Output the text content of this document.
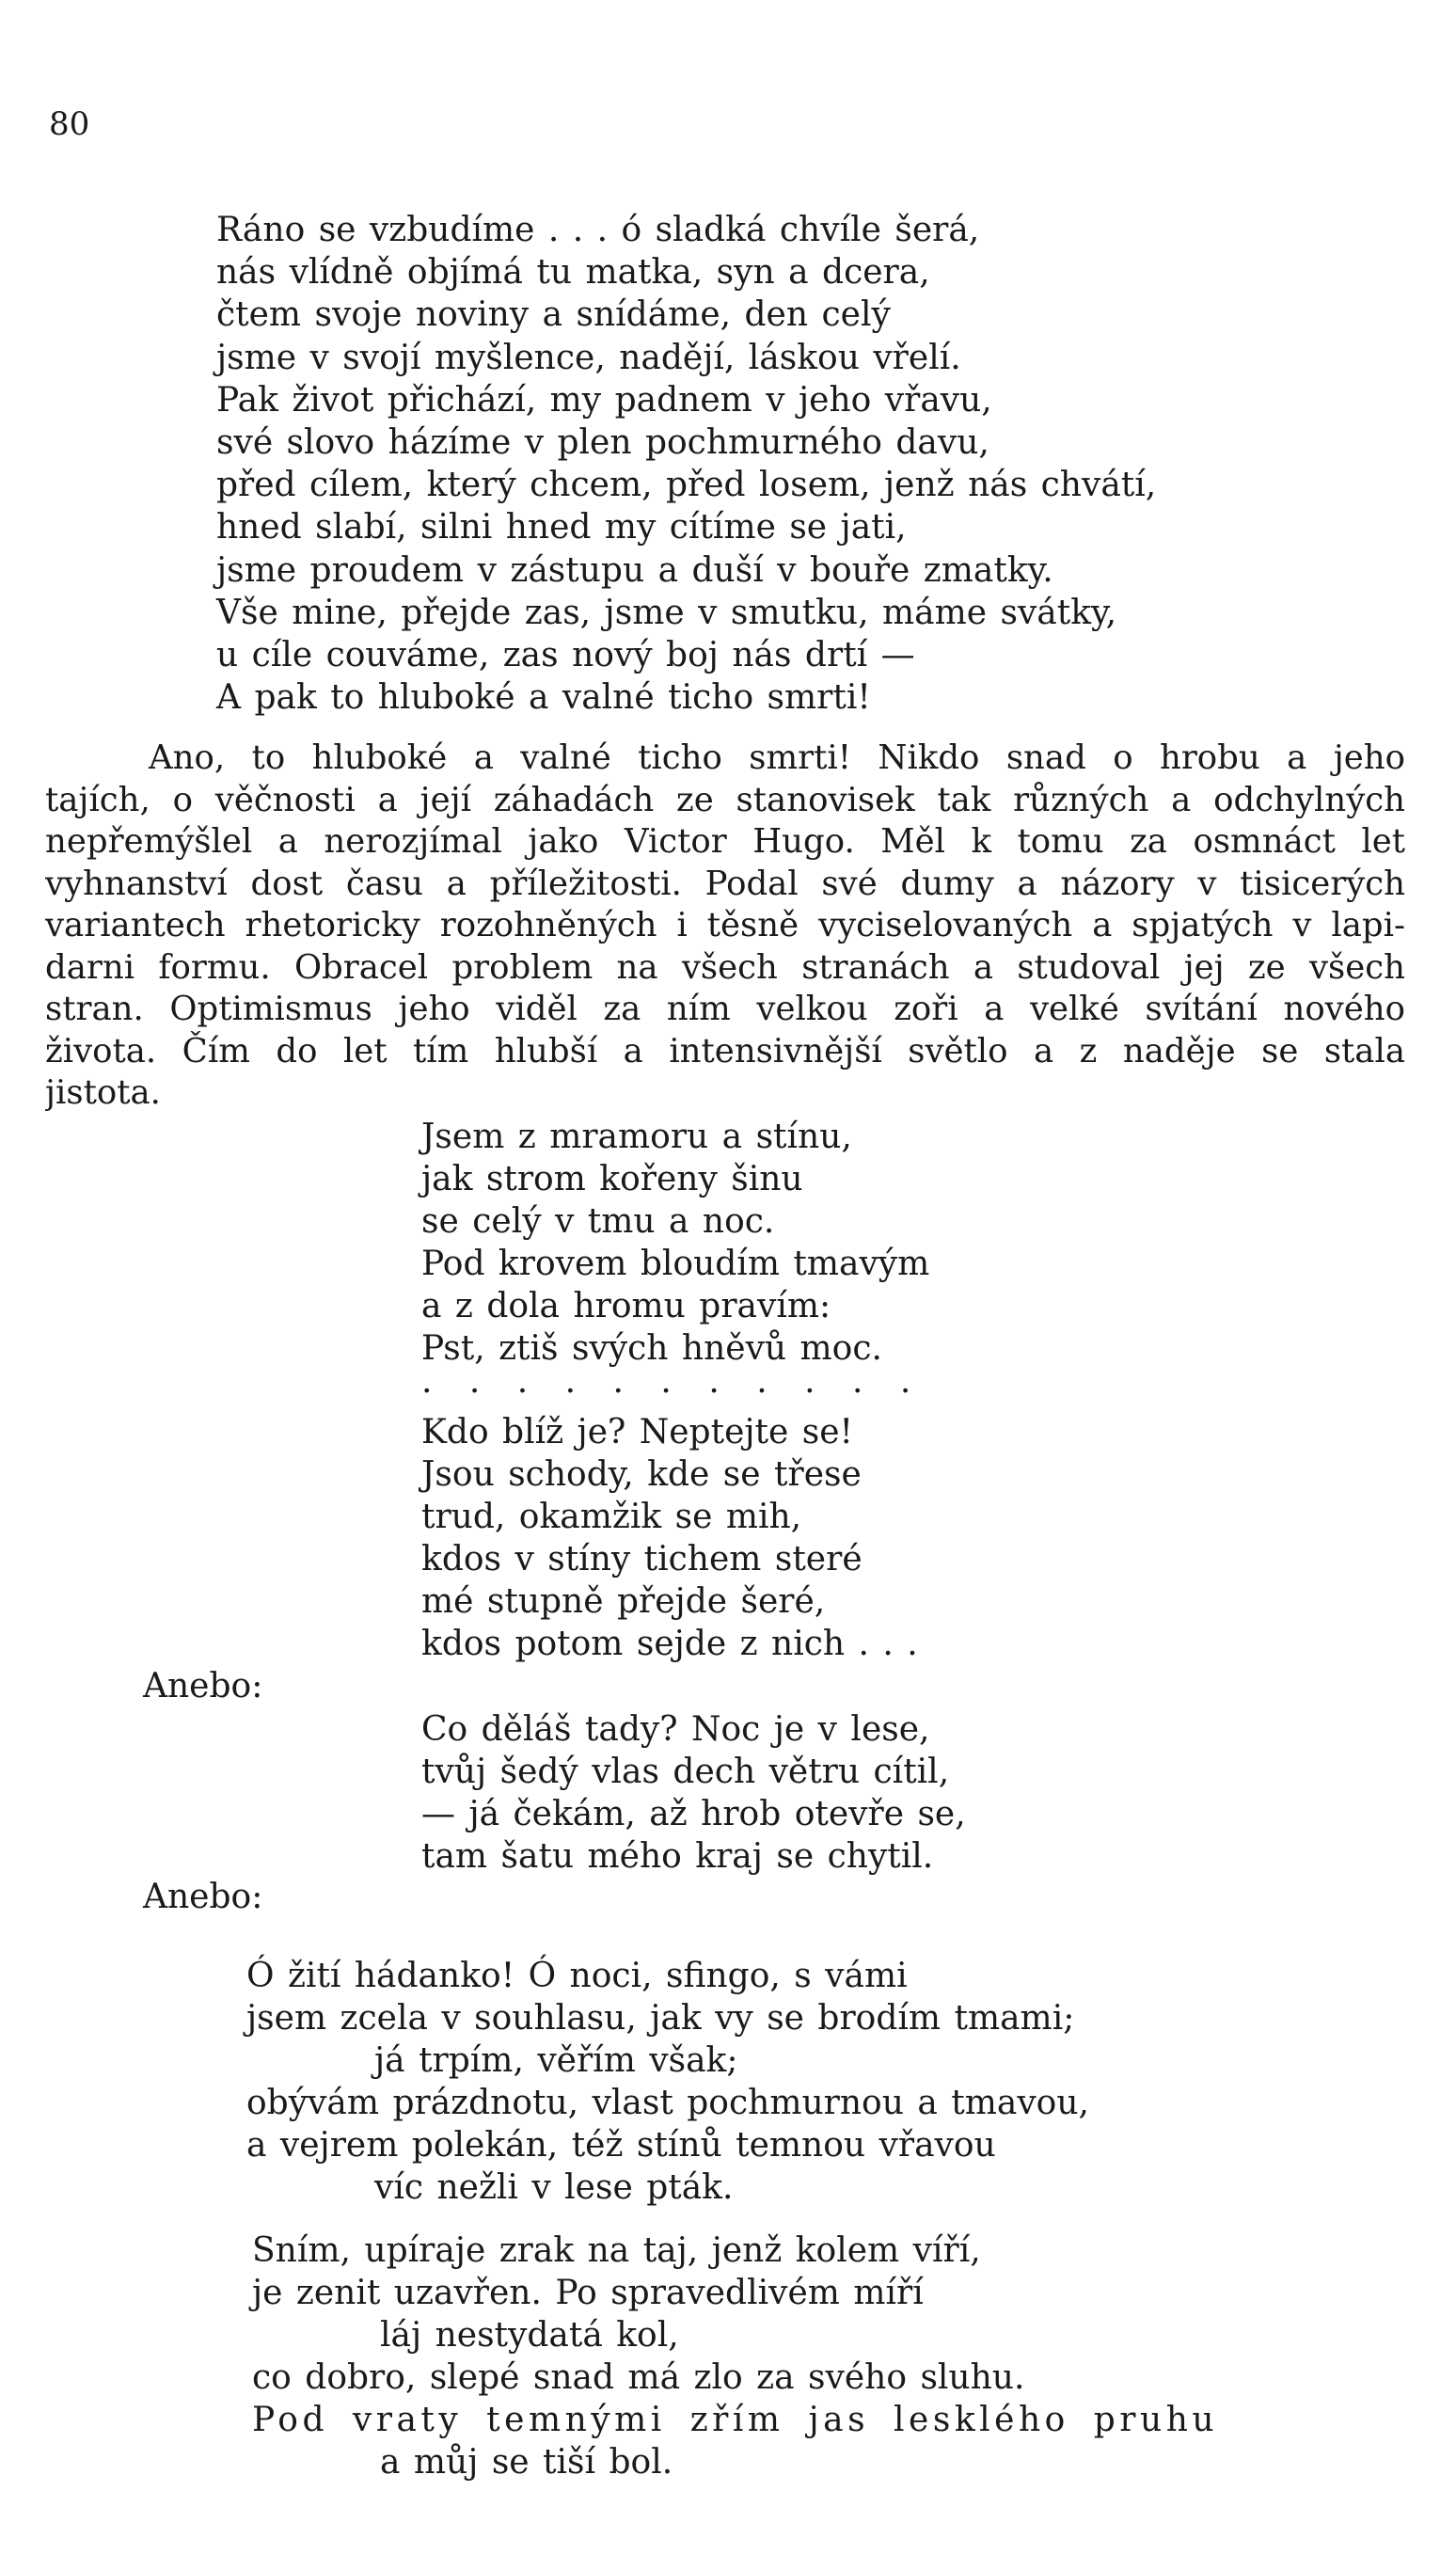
80
Ráno se vzbudíme . . . ó sladká chvíle šerá,
nás vlídně objímá tu matka, syn a dcera,
čtem svoje noviny a snídáme, den celý
jsme v svojí myšlence, nadějí, láskou vřelí.
Pak život přichází, my padnem v jeho vřavu,
své slovo házíme v plen pochmurného davu,
před cílem, který chcem, před losem, jenž nás chvátí,
hned slabí, silni hned my cítíme se jati,
jsme proudem v zástupu a duší v bouře zmatky.
Vše mine, přejde zas, jsme v smutku, máme svátky,
u cíle couváme, zas nový boj nás drtí —
A pak to hluboké a valné ticho smrti!
Ano, to hluboké a valné ticho smrti! Nikdo snad o hrobu a jeho
tajích, o věčnosti a její záhadách ze stanovisek tak různých a odchylných
nepřemýšlel a nerozjímal jako Victor Hugo. Měl k tomu za osmnáct let
vyhnanství dost času a příležitosti. Podal své dumy a názory v tisicerých
variantech rhetoricky rozohněných i těsně vyciselovaných a spjatých v lapi-
darni formu. Obracel problem na všech stranách a studoval jej ze všech
stran. Optimismus jeho viděl za ním velkou zoři a velké svítání nového
života. Čím do let tím hlubší a intensivnější světlo a z naděje se stala
jistota.
Jsem z mramoru a stínu,
jak strom kořeny šinu
se celý v tmu a noc.
Pod krovem bloudím tmavým
a z dola hromu pravím:
Pst, ztiš svých hněvů moc.
. . . . . . . . . . .
Kdo blíž je? Neptejte se!
Jsou schody, kde se třese
trud, okamžik se mih,
kdos v stíny tichem steré
mé stupně přejde šeré,
kdos potom sejde z nich . . .
Anebo:
Co děláš tady? Noc je v lese,
tvůj šedý vlas dech větru cítil,
— já čekám, až hrob otevře se,
tam šatu mého kraj se chytil.
Anebo:
Ó žití hádanko! Ó noci, sfingo, s vámi
jsem zcela v souhlasu, jak vy se brodím tmami;
já trpím, věřím však;
obývám prázdnotu, vlast pochmurnou a tmavou,
a vejrem polekán, též stínů temnou vřavou
víc nežli v lese pták.
Sním, upíraje zrak na taj, jenž kolem víří,
je zenit uzavřen. Po spravedlivém míří
láj nestydatá kol,
co dobro, slepé snad má zlo za svého sluhu.
Pod vraty temnými zřím jas lesklého pruhu
a můj se tiší bol.
